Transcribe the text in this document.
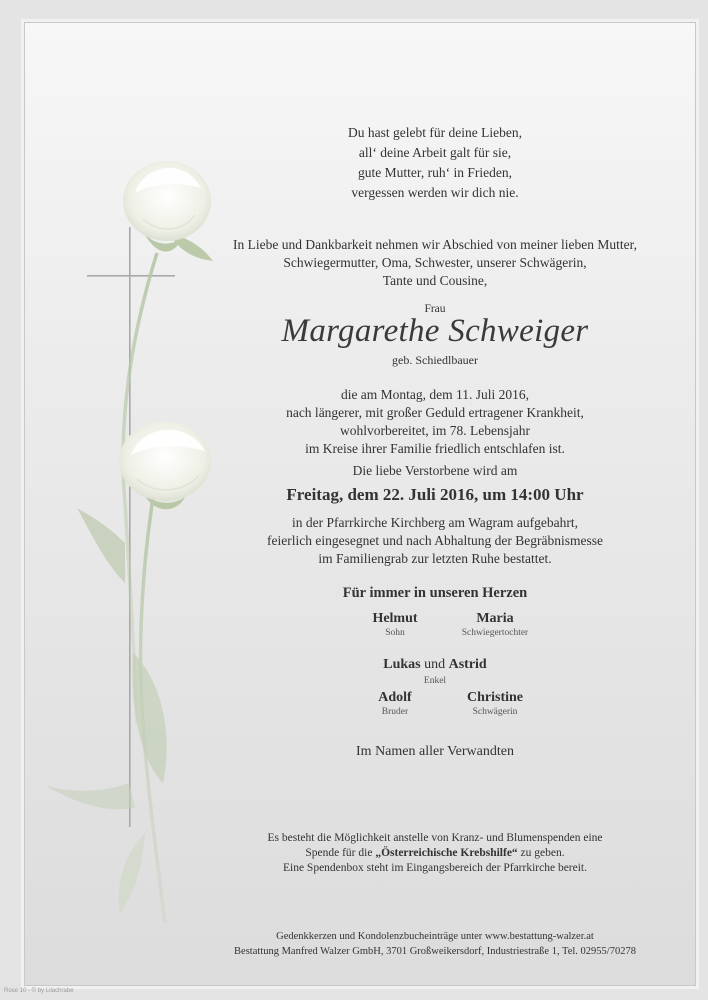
Du hast gelebt für deine Lieben,
all‘ deine Arbeit galt für sie,
gute Mutter, ruh‘ in Frieden,
vergessen werden wir dich nie.
In Liebe und Dankbarkeit nehmen wir Abschied von meiner lieben Mutter,
Schwiegermutter, Oma, Schwester, unserer Schwägerin,
Tante und Cousine,
Frau
Margarethe Schweiger
geb. Schiedlbauer
die am Montag, dem 11. Juli 2016,
nach längerer, mit großer Geduld ertragener Krankheit,
wohlvorbereitet, im 78. Lebensjahr
im Kreise ihrer Familie friedlich entschlafen ist.
Die liebe Verstorbene wird am
Freitag, dem 22. Juli 2016, um 14:00 Uhr
in der Pfarrkirche Kirchberg am Wagram aufgebahrt,
feierlich eingesegnet und nach Abhaltung der Begräbnismesse
im Familiengrab zur letzten Ruhe bestattet.
Für immer in unseren Herzen
Helmut
Sohn
Maria
Schwiegertochter
Lukas und Astrid
Enkel
Adolf
Bruder
Christine
Schwägerin
Im Namen aller Verwandten
Es besteht die Möglichkeit anstelle von Kranz- und Blumenspenden eine
Spende für die „Österreichische Krebshilfe“ zu geben.
Eine Spendenbox steht im Eingangsbereich der Pfarrkirche bereit.
Gedenkkerzen und Kondolenzbucheinträge unter www.bestattung-walzer.at
Bestattung Manfred Walzer GmbH, 3701 Großweikersdorf, Industriestraße 1, Tel. 02955/70278
Rose 10 - © by Lilachrabe
